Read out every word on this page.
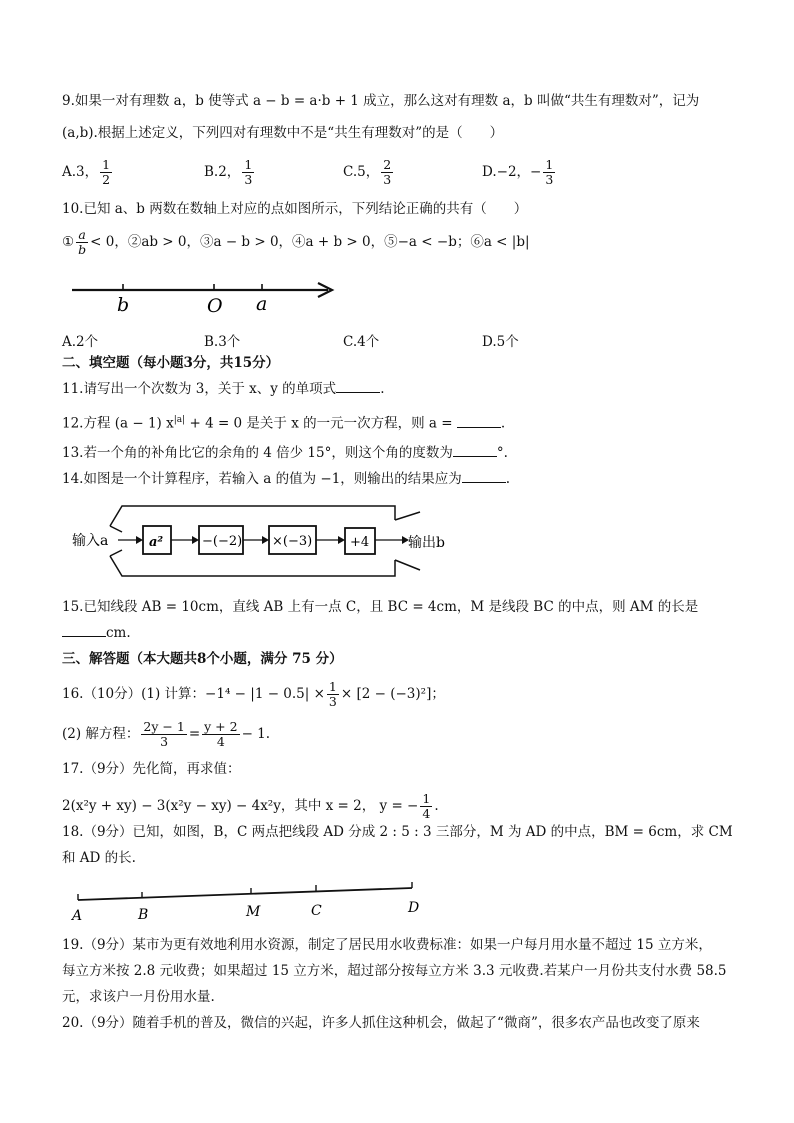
9.如果一对有理数 a，b 使等式 a − b = a·b + 1 成立，那么这对有理数 a，b 叫做“共生有理数对”，记为
(a,b).根据上述定义，下列四对有理数中不是“共生有理数对”的是（　　）
A.3， $\frac{1}{2}$	B.2， $\frac{1}{3}$	C.5， $\frac{2}{3}$	D.−2，− $\frac{1}{3}$
10.已知 a、b 两数在数轴上对应的点如图所示，下列结论正确的共有（　　）
① $\frac{a}{b} < 0$，②ab > 0，③a − b > 0，④a + b > 0，⑤−a < −b；⑥a < |b|
b	O a
A.2个	B.3个	C.4个	D.5个
二、填空题（每小题3分，共15分）
11.请写出一个次数为 3，关于 x、y 的单项式	.
12.方程 (a − 1) $x^{|a|} + 4 = 0$ 是关于 x 的一元一次方程，则 a =	.
13.若一个角的补角比它的余角的 4 倍少 15°，则这个角的度数为	°.
14.如图是一个计算程序，若输入 a 的值为 −1，则输出的结果应为	.
输入a	a²	−(−2) ×(−3)	+4	输出b
15.已知线段 AB = 10cm，直线 AB 上有一点 C，且 BC = 4cm，M 是线段 BC 的中点，则 AM 的长是
cm.
三、解答题（本大题共8个小题，满分 75 分）
16.（10分）(1) 计算：$-1^4 - |1 - 0.5| \times \frac{1}{3} \times [2 - (-3)^2]$；
(2) 解方程： $\frac{2y - 1}{3} = \frac{y + 2}{4} - 1$.
17.（9分）先化简，再求值：
2(x²y + xy) − 3(x²y − xy) − 4x²y，其中 x = 2， y = − $\frac{1}{4}$ .
18.（9分）已知，如图，B，C 两点把线段 AD 分成 2 : 5 : 3 三部分，M 为 AD 的中点，BM = 6cm，求 CM
和 AD 的长.
A	B	M	C	D
19.（9分）某市为更有效地利用水资源，制定了居民用水收费标准：如果一户每月用水量不超过 15 立方米，
每立方米按 2.8 元收费；如果超过 15 立方米，超过部分按每立方米 3.3 元收费.若某户一月份共支付水费 58.5
元，求该户一月份用水量.
20.（9分）随着手机的普及，微信的兴起，许多人抓住这种机会，做起了“微商”，很多农产品也改变了原来
